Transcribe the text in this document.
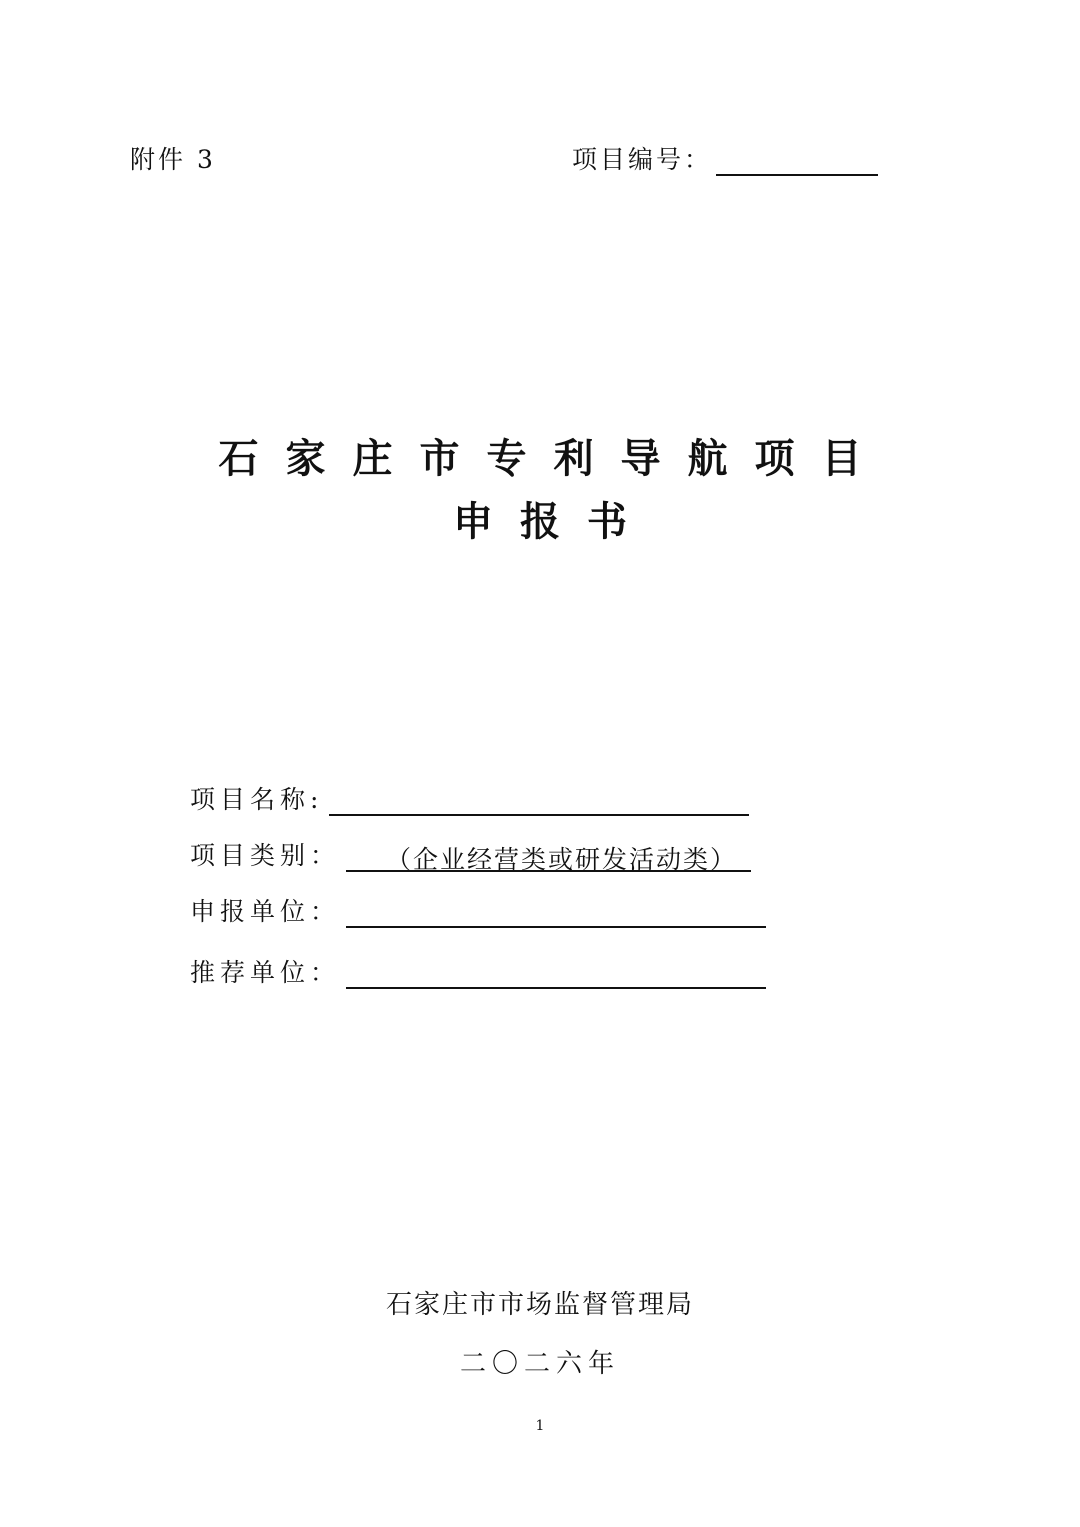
附件 3	项目编号：
石家庄市专利导航项目
申报书
项目名称:
项目类别：	（企业经营类或研发活动类）
申报单位：
推荐单位：
石家庄市市场监督管理局
二〇二六年
1
